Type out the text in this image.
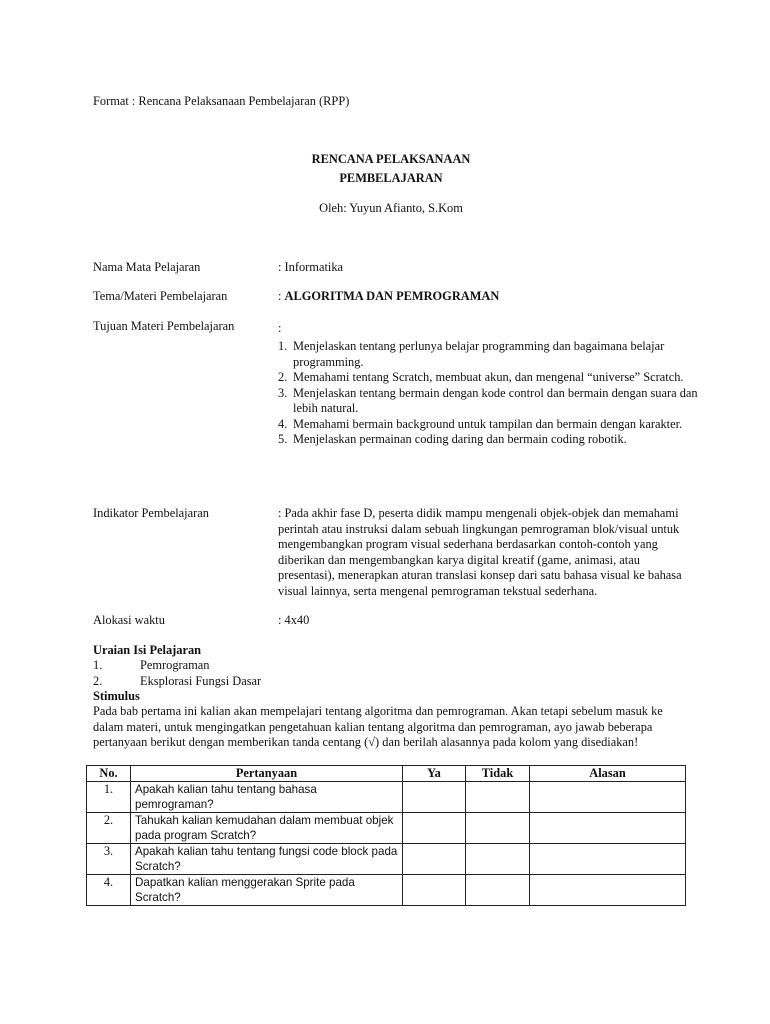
Format : Rencana Pelaksanaan Pembelajaran (RPP)
RENCANA PELAKSANAAN
PEMBELAJARAN
Oleh: Yuyun Afianto, S.Kom
Nama Mata Pelajaran	: Informatika
Tema/Materi Pembelajaran	: ALGORITMA DAN PEMROGRAMAN
Tujuan Materi Pembelajaran	:
1. Menjelaskan tentang perlunya belajar programming dan bagaimana belajar programming.
2. Memahami tentang Scratch, membuat akun, dan mengenal “universe” Scratch.
3. Menjelaskan tentang bermain dengan kode control dan bermain dengan suara dan lebih natural.
4. Memahami bermain background untuk tampilan dan bermain dengan karakter.
5. Menjelaskan permainan coding daring dan bermain coding robotik.
Indikator Pembelajaran	: Pada akhir fase D, peserta didik mampu mengenali objek-objek dan memahami perintah atau instruksi dalam sebuah lingkungan pemrograman blok/visual untuk mengembangkan program visual sederhana berdasarkan contoh-contoh yang diberikan dan mengembangkan karya digital kreatif (game, animasi, atau presentasi), menerapkan aturan translasi konsep dari satu bahasa visual ke bahasa visual lainnya, serta mengenal pemrograman tekstual sederhana.
Alokasi waktu	: 4x40
Uraian Isi Pelajaran
1.	Pemrograman
2.	Eksplorasi Fungsi Dasar
Stimulus
Pada bab pertama ini kalian akan mempelajari tentang algoritma dan pemrograman. Akan tetapi sebelum masuk ke dalam materi, untuk mengingatkan pengetahuan kalian tentang algoritma dan pemrograman, ayo jawab beberapa pertanyaan berikut dengan memberikan tanda centang (√) dan berilah alasannya pada kolom yang disediakan!
No.	Pertanyaan	Ya	Tidak	Alasan
1.	Apakah kalian tahu tentang bahasa pemrograman?			
2.	Tahukah kalian kemudahan dalam membuat objek pada program Scratch?			
3.	Apakah kalian tahu tentang fungsi code block pada Scratch?			
4.	Dapatkan kalian menggerakan Sprite pada Scratch?			
